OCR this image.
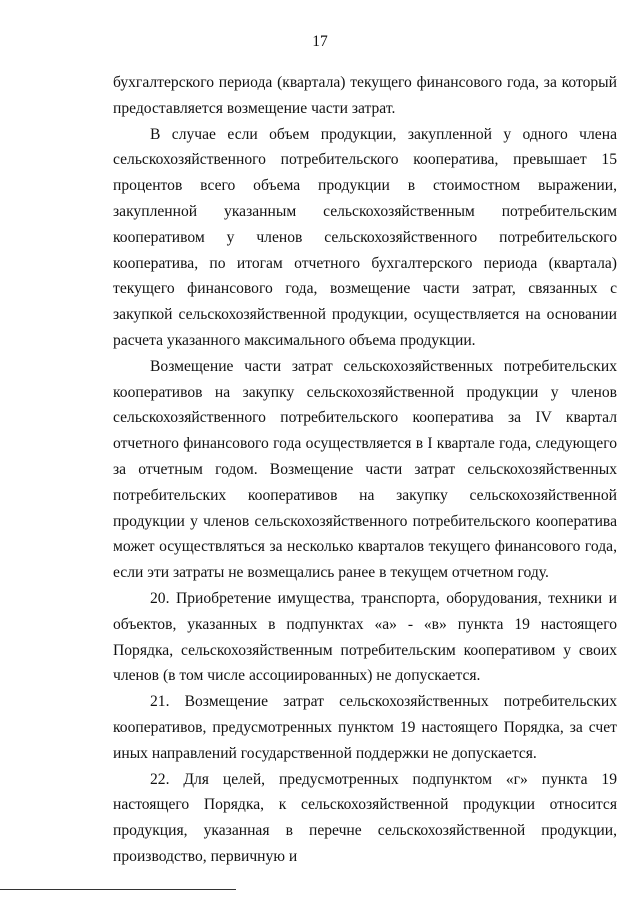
17

бухгалтерского периода (квартала) текущего финансового года, за который предоставляется возмещение части затрат.

В случае если объем продукции, закупленной у одного члена сельскохозяйственного потребительского кооператива, превышает 15 процентов всего объема продукции в стоимостном выражении, закупленной указанным сельскохозяйственным потребительским кооперативом у членов сельскохозяйственного потребительского кооператива, по итогам отчетного бухгалтерского периода (квартала) текущего финансового года, возмещение части затрат, связанных с закупкой сельскохозяйственной продукции, осуществляется на основании расчета указанного максимального объема продукции.

Возмещение части затрат сельскохозяйственных потребительских кооперативов на закупку сельскохозяйственной продукции у членов сельскохозяйственного потребительского кооператива за IV квартал отчетного финансового года осуществляется в I квартале года, следующего за отчетным годом. Возмещение части затрат сельскохозяйственных потребительских кооперативов на закупку сельскохозяйственной продукции у членов сельскохозяйственного потребительского кооператива может осуществляться за несколько кварталов текущего финансового года, если эти затраты не возмещались ранее в текущем отчетном году.

20. Приобретение имущества, транспорта, оборудования, техники и объектов, указанных в подпунктах «а» - «в» пункта 19 настоящего Порядка, сельскохозяйственным потребительским кооперативом у своих членов (в том числе ассоциированных) не допускается.

21. Возмещение затрат сельскохозяйственных потребительских кооперативов, предусмотренных пунктом 19 настоящего Порядка, за счет иных направлений государственной поддержки не допускается.

22. Для целей, предусмотренных подпунктом «г» пункта 19 настоящего Порядка, к сельскохозяйственной продукции относится продукция, указанная в перечне сельскохозяйственной продукции, производство, первичную и
